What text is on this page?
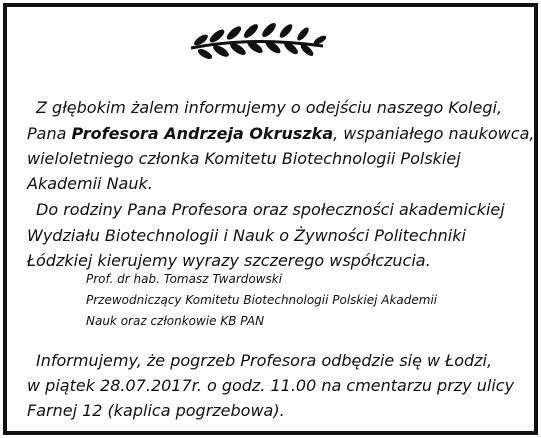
Z głębokim żalem informujemy o odejściu naszego Kolegi,

Pana Profesora Andrzeja Okruszka, wspaniałego naukowca,

wieloletniego członka Komitetu Biotechnologii Polskiej

Akademii Nauk.

Do rodziny Pana Profesora oraz społeczności akademickiej

Wydziału Biotechnologii i Nauk o Żywności Politechniki

Łódzkiej kierujemy wyrazy szczerego współczucia.

Prof. dr hab. Tomasz Twardowski

Przewodniczący Komitetu Biotechnologii Polskiej Akademii

Nauk oraz członkowie KB PAN

Informujemy, że pogrzeb Profesora odbędzie się w Łodzi,

w piątek 28.07.2017r. o godz. 11.00 na cmentarzu przy ulicy

Farnej 12 (kaplica pogrzebowa).
